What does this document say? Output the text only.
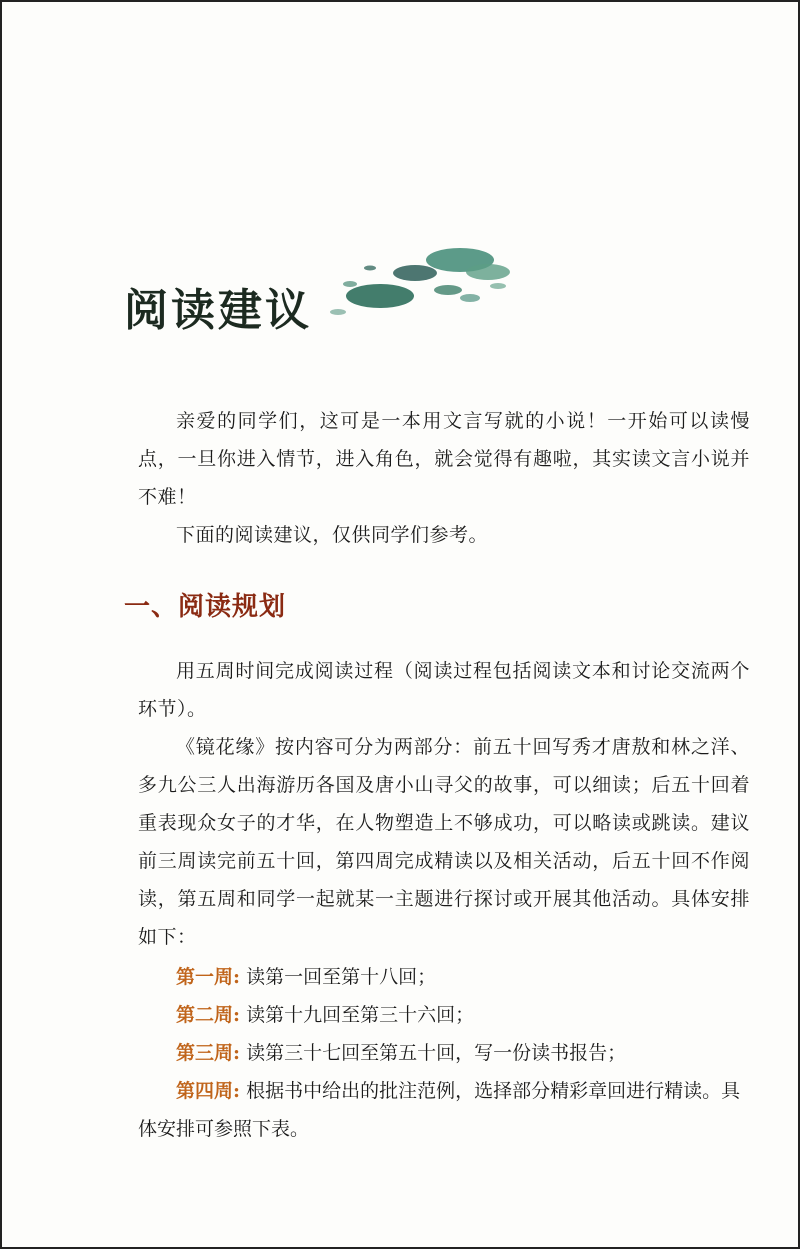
阅读建议

亲爱的同学们，这可是一本用文言写就的小说！一开始可以读慢点，一旦你进入情节，进入角色，就会觉得有趣啦，其实读文言小说并不难！

下面的阅读建议，仅供同学们参考。

一、阅读规划

用五周时间完成阅读过程（阅读过程包括阅读文本和讨论交流两个环节）。

《镜花缘》按内容可分为两部分：前五十回写秀才唐敖和林之洋、多九公三人出海游历各国及唐小山寻父的故事，可以细读；后五十回着重表现众女子的才华，在人物塑造上不够成功，可以略读或跳读。建议前三周读完前五十回，第四周完成精读以及相关活动，后五十回不作阅读，第五周和同学一起就某一主题进行探讨或开展其他活动。具体安排如下：

第一周: 读第一回至第十八回；

第二周: 读第十九回至第三十六回；

第三周: 读第三十七回至第五十回，写一份读书报告；

第四周: 根据书中给出的批注范例，选择部分精彩章回进行精读。具体安排可参照下表。
